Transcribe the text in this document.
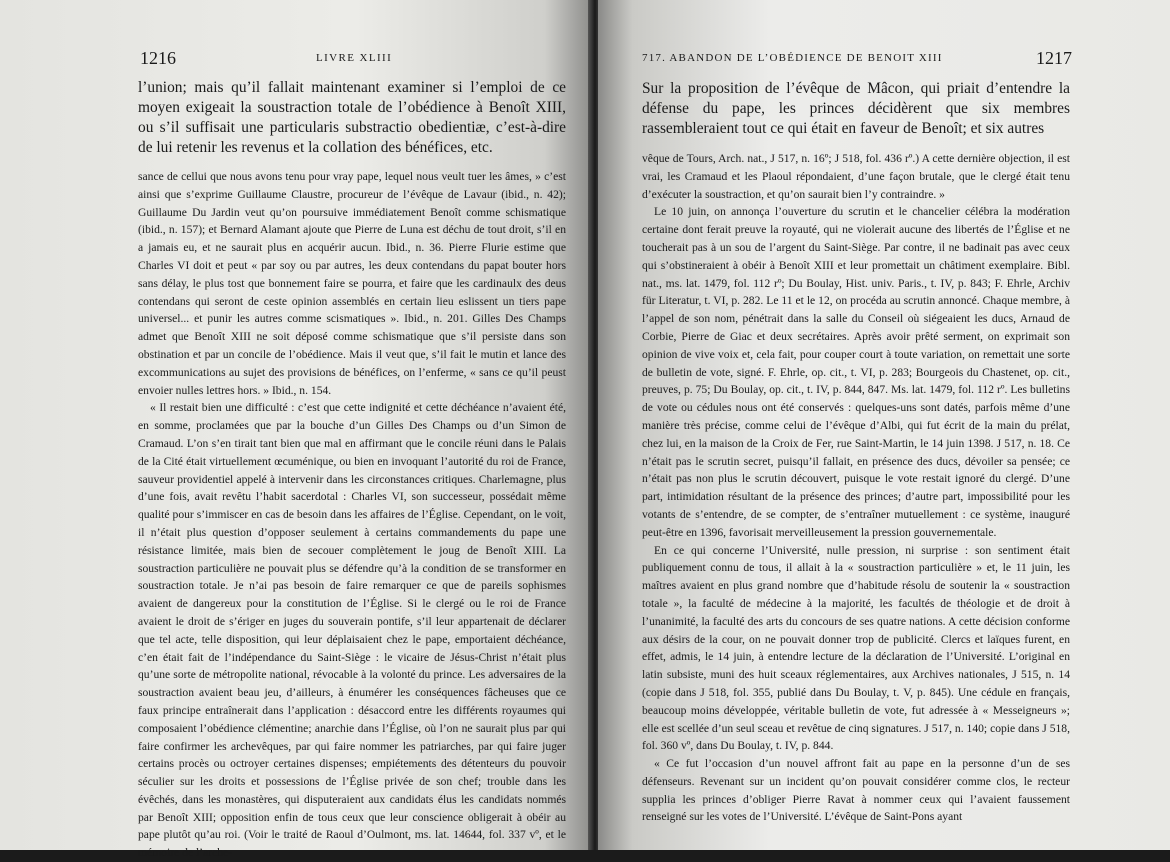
1216	LIVRE XLIII
l’union; mais qu’il fallait maintenant examiner si l’emploi de ce moyen exigeait la soustraction totale de l’obédience à Benoît XIII, ou s’il suffisait une particularis substractio obedientiæ, c’est-à-dire de lui retenir les revenus et la collation des bénéfices, etc.

sance de cellui que nous avons tenu pour vray pape, lequel nous veult tuer les âmes, » c’est ainsi que s’exprime Guillaume Claustre, procureur de l’évêque de Lavaur (ibid., n. 42); Guillaume Du Jardin veut qu’on poursuive immédiatement Benoît comme schismatique (ibid., n. 157); et Bernard Alamant ajoute que Pierre de Luna est déchu de tout droit, s’il en a jamais eu, et ne saurait plus en acquérir aucun. Ibid., n. 36. Pierre Flurie estime que Charles VI doit et peut « par soy ou par autres, les deux contendans du papat bouter hors sans délay, le plus tost que bonnement faire se pourra, et faire que les cardinaulx des deus contendans qui seront de ceste opinion assemblés en certain lieu eslissent un tiers pape universel... et punir les autres comme scismatiques ». Ibid., n. 201. Gilles Des Champs admet que Benoît XIII ne soit déposé comme schismatique que s’il persiste dans son obstination et par un concile de l’obédience. Mais il veut que, s’il fait le mutin et lance des excommunications au sujet des provisions de bénéfices, on l’enferme, « sans ce qu’il peust envoier nulles lettres hors. » Ibid., n. 154.

« Il restait bien une difficulté : c’est que cette indignité et cette déchéance n’avaient été, en somme, proclamées que par la bouche d’un Gilles Des Champs ou d’un Simon de Cramaud. L’on s’en tirait tant bien que mal en affirmant que le concile réuni dans le Palais de la Cité était virtuellement œcuménique, ou bien en invoquant l’autorité du roi de France, sauveur providentiel appelé à intervenir dans les circonstances critiques. Charlemagne, plus d’une fois, avait revêtu l’habit sacerdotal : Charles VI, son successeur, possédait même qualité pour s’immiscer en cas de besoin dans les affaires de l’Église. Cependant, on le voit, il n’était plus question d’opposer seulement à certains commandements du pape une résistance limitée, mais bien de secouer complètement le joug de Benoît XIII. La soustraction particulière ne pouvait plus se défendre qu’à la condition de se transformer en soustraction totale. Je n’ai pas besoin de faire remarquer ce que de pareils sophismes avaient de dangereux pour la constitution de l’Église. Si le clergé ou le roi de France avaient le droit de s’ériger en juges du souverain pontife, s’il leur appartenait de déclarer que tel acte, telle disposition, qui leur déplaisaient chez le pape, emportaient déchéance, c’en était fait de l’indépendance du Saint-Siège : le vicaire de Jésus-Christ n’était plus qu’une sorte de métropolite national, révocable à la volonté du prince. Les adversaires de la soustraction avaient beau jeu, d’ailleurs, à énumérer les conséquences fâcheuses que ce faux principe entraînerait dans l’application : désaccord entre les différents royaumes qui composaient l’obédience clémentine; anarchie dans l’Église, où l’on ne saurait plus par qui faire confirmer les archevêques, par qui faire nommer les patriarches, par qui faire juger certains procès ou octroyer certaines dispenses; empiétements des détenteurs du pouvoir séculier sur les droits et possessions de l’Église privée de son chef; trouble dans les évêchés, dans les monastères, qui disputeraient aux candidats élus les candidats nommés par Benoît XIII; opposition enfin de tous ceux que leur conscience obligerait à obéir au pape plutôt qu’au roi. (Voir le traité de Raoul d’Oulmont, ms. lat. 14644, fol. 337 vº, et le mémoire de l’arche-

717. ABANDON DE L’OBÉDIENCE DE BENOIT XIII	1217
Sur la proposition de l’évêque de Mâcon, qui priait d’entendre la défense du pape, les princes décidèrent que six membres rassembleraient tout ce qui était en faveur de Benoît; et six autres

vêque de Tours, Arch. nat., J 517, n. 16º; J 518, fol. 436 rº.) A cette dernière objection, il est vrai, les Cramaud et les Plaoul répondaient, d’une façon brutale, que le clergé était tenu d’exécuter la soustraction, et qu’on saurait bien l’y contraindre. »

Le 10 juin, on annonça l’ouverture du scrutin et le chancelier célébra la modération certaine dont ferait preuve la royauté, qui ne violerait aucune des libertés de l’Église et ne toucherait pas à un sou de l’argent du Saint-Siège. Par contre, il ne badinait pas avec ceux qui s’obstineraient à obéir à Benoît XIII et leur promettait un châtiment exemplaire. Bibl. nat., ms. lat. 1479, fol. 112 rº; Du Boulay, Hist. univ. Paris., t. IV, p. 843; F. Ehrle, Archiv für Literatur, t. VI, p. 282. Le 11 et le 12, on procéda au scrutin annoncé. Chaque membre, à l’appel de son nom, pénétrait dans la salle du Conseil où siégeaient les ducs, Arnaud de Corbie, Pierre de Giac et deux secrétaires. Après avoir prêté serment, on exprimait son opinion de vive voix et, cela fait, pour couper court à toute variation, on remettait une sorte de bulletin de vote, signé. F. Ehrle, op. cit., t. VI, p. 283; Bourgeois du Chastenet, op. cit., preuves, p. 75; Du Boulay, op. cit., t. IV, p. 844, 847. Ms. lat. 1479, fol. 112 rº. Les bulletins de vote ou cédules nous ont été conservés : quelques-uns sont datés, parfois même d’une manière très précise, comme celui de l’évêque d’Albi, qui fut écrit de la main du prélat, chez lui, en la maison de la Croix de Fer, rue Saint-Martin, le 14 juin 1398. J 517, n. 18. Ce n’était pas le scrutin secret, puisqu’il fallait, en présence des ducs, dévoiler sa pensée; ce n’était pas non plus le scrutin découvert, puisque le vote restait ignoré du clergé. D’une part, intimidation résultant de la présence des princes; d’autre part, impossibilité pour les votants de s’entendre, de se compter, de s’entraîner mutuellement : ce système, inauguré peut-être en 1396, favorisait merveilleusement la pression gouvernementale.

En ce qui concerne l’Université, nulle pression, ni surprise : son sentiment était publiquement connu de tous, il allait à la « soustraction particulière » et, le 11 juin, les maîtres avaient en plus grand nombre que d’habitude résolu de soutenir la « soustraction totale », la faculté de médecine à la majorité, les facultés de théologie et de droit à l’unanimité, la faculté des arts du concours de ses quatre nations. A cette décision conforme aux désirs de la cour, on ne pouvait donner trop de publicité. Clercs et laïques furent, en effet, admis, le 14 juin, à entendre lecture de la déclaration de l’Université. L’original en latin subsiste, muni des huit sceaux réglementaires, aux Archives nationales, J 515, n. 14 (copie dans J 518, fol. 355, publié dans Du Boulay, t. V, p. 845). Une cédule en français, beaucoup moins développée, véritable bulletin de vote, fut adressée à « Messeigneurs »; elle est scellée d’un seul sceau et revêtue de cinq signatures. J 517, n. 140; copie dans J 518, fol. 360 vº, dans Du Boulay, t. IV, p. 844.

« Ce fut l’occasion d’un nouvel affront fait au pape en la personne d’un de ses défenseurs. Revenant sur un incident qu’on pouvait considérer comme clos, le recteur supplia les princes d’obliger Pierre Ravat à nommer ceux qui l’avaient faussement renseigné sur les votes de l’Université. L’évêque de Saint-Pons ayant
